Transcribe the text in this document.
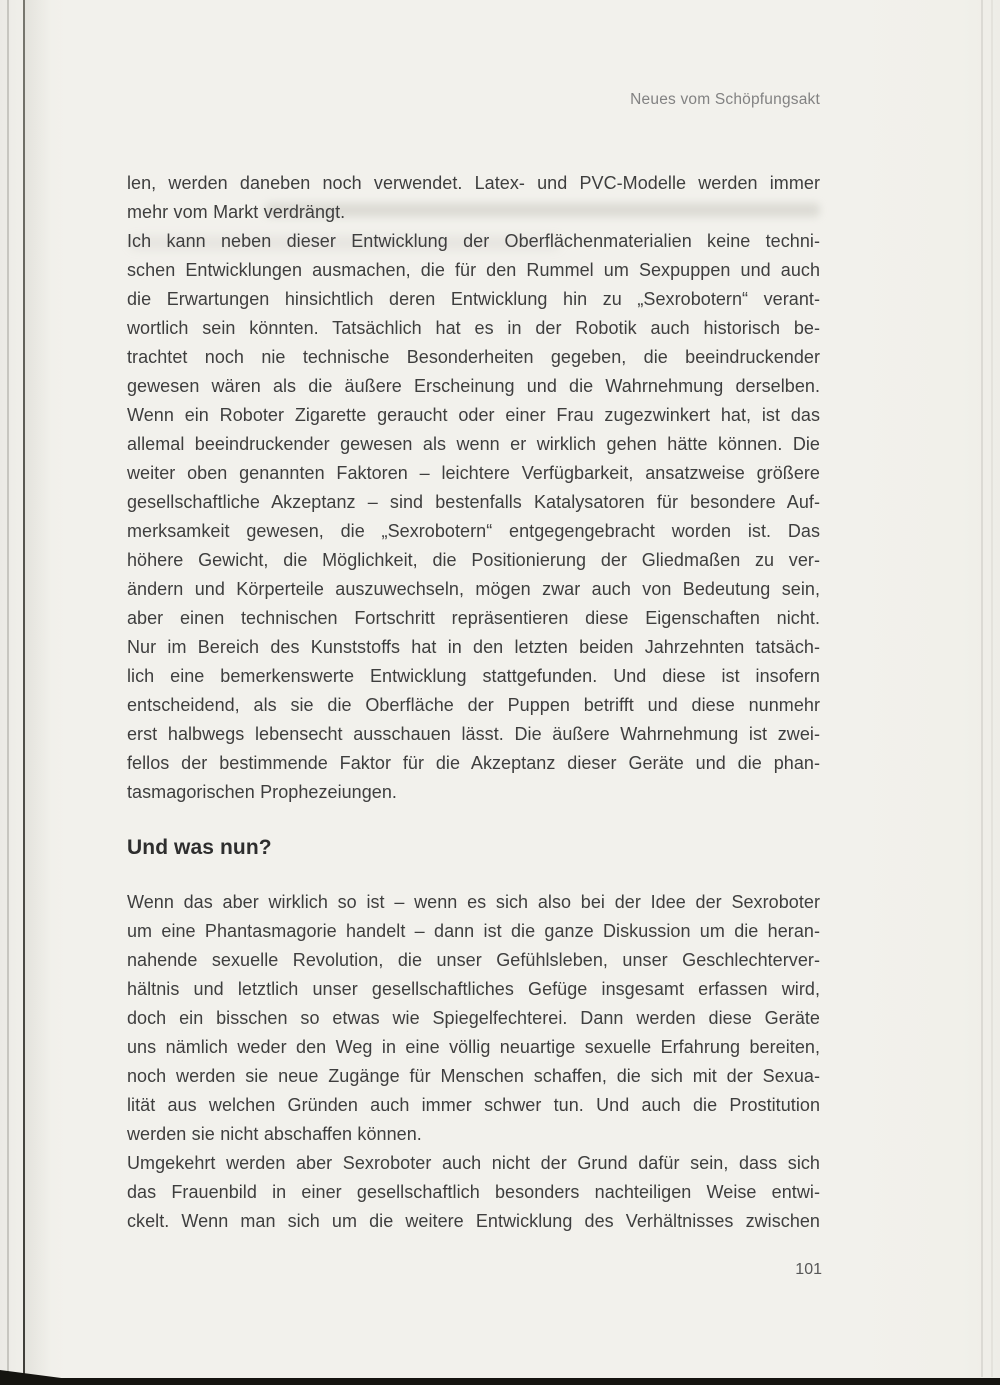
Neues vom Schöpfungsakt
len, werden daneben noch verwendet. Latex- und PVC-Modelle werden immer
mehr vom Markt verdrängt.
Ich kann neben dieser Entwicklung der Oberflächenmaterialien keine techni-
schen Entwicklungen ausmachen, die für den Rummel um Sexpuppen und auch
die Erwartungen hinsichtlich deren Entwicklung hin zu „Sexrobotern“ verant-
wortlich sein könnten. Tatsächlich hat es in der Robotik auch historisch be-
trachtet noch nie technische Besonderheiten gegeben, die beeindruckender
gewesen wären als die äußere Erscheinung und die Wahrnehmung derselben.
Wenn ein Roboter Zigarette geraucht oder einer Frau zugezwinkert hat, ist das
allemal beeindruckender gewesen als wenn er wirklich gehen hätte können. Die
weiter oben genannten Faktoren – leichtere Verfügbarkeit, ansatzweise größere
gesellschaftliche Akzeptanz – sind bestenfalls Katalysatoren für besondere Auf-
merksamkeit gewesen, die „Sexrobotern“ entgegengebracht worden ist. Das
höhere Gewicht, die Möglichkeit, die Positionierung der Gliedmaßen zu ver-
ändern und Körperteile auszuwechseln, mögen zwar auch von Bedeutung sein,
aber einen technischen Fortschritt repräsentieren diese Eigenschaften nicht.
Nur im Bereich des Kunststoffs hat in den letzten beiden Jahrzehnten tatsäch-
lich eine bemerkenswerte Entwicklung stattgefunden. Und diese ist insofern
entscheidend, als sie die Oberfläche der Puppen betrifft und diese nunmehr
erst halbwegs lebensecht ausschauen lässt. Die äußere Wahrnehmung ist zwei-
fellos der bestimmende Faktor für die Akzeptanz dieser Geräte und die phan-
tasmagorischen Prophezeiungen.
Und was nun?
Wenn das aber wirklich so ist – wenn es sich also bei der Idee der Sexroboter
um eine Phantasmagorie handelt – dann ist die ganze Diskussion um die heran-
nahende sexuelle Revolution, die unser Gefühlsleben, unser Geschlechterver-
hältnis und letztlich unser gesellschaftliches Gefüge insgesamt erfassen wird,
doch ein bisschen so etwas wie Spiegelfechterei. Dann werden diese Geräte
uns nämlich weder den Weg in eine völlig neuartige sexuelle Erfahrung bereiten,
noch werden sie neue Zugänge für Menschen schaffen, die sich mit der Sexua-
lität aus welchen Gründen auch immer schwer tun. Und auch die Prostitution
werden sie nicht abschaffen können.
Umgekehrt werden aber Sexroboter auch nicht der Grund dafür sein, dass sich
das Frauenbild in einer gesellschaftlich besonders nachteiligen Weise entwi-
ckelt. Wenn man sich um die weitere Entwicklung des Verhältnisses zwischen
101
